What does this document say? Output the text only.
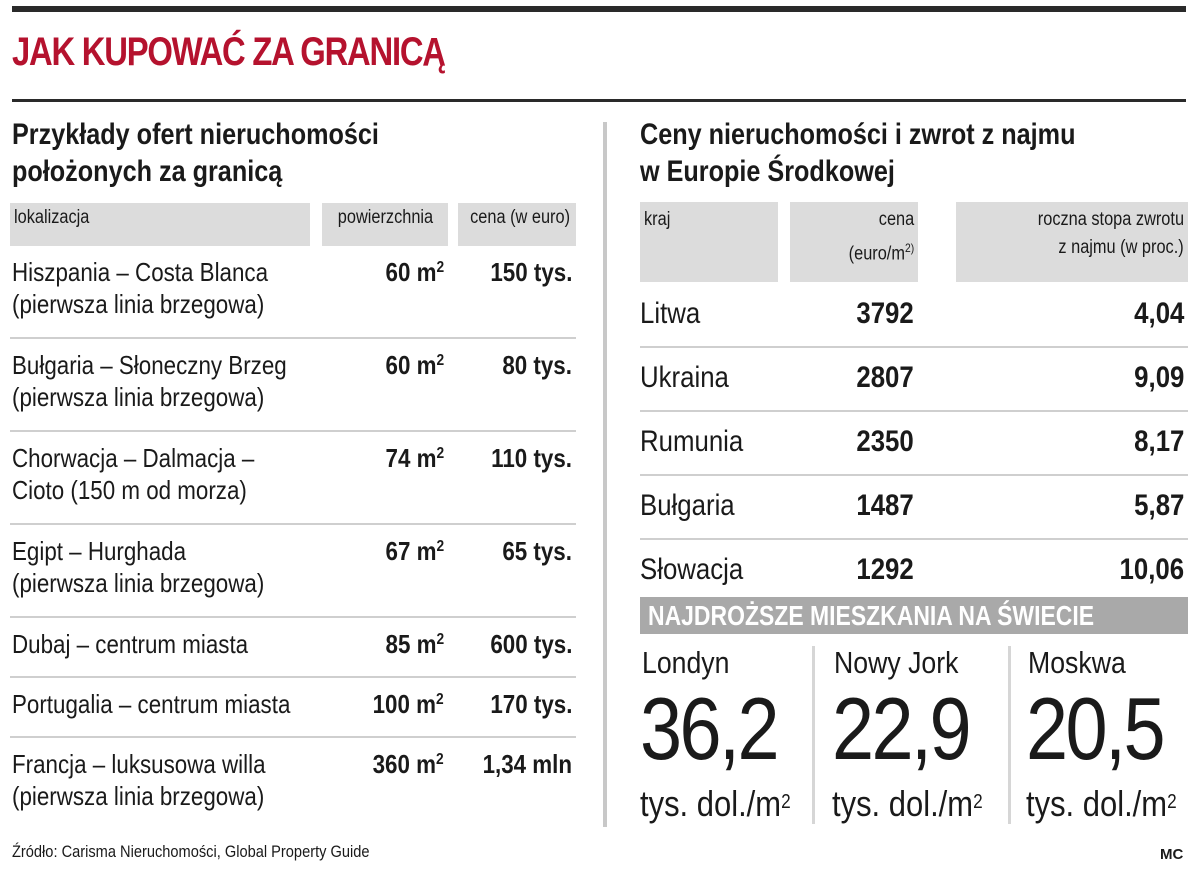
JAK KUPOWAĆ ZA GRANICĄ
Przykłady ofert nieruchomości
położonych za granicą
lokalizacja	powierzchnia	cena (w euro)
Hiszpania – Costa Blanca
(pierwsza linia brzegowa)
60 $m^2$	150 tys.
Bułgaria – Słoneczny Brzeg
(pierwsza linia brzegowa)
60 $m^2$	80 tys.
Chorwacja – Dalmacja –
Cioto (150 m od morza)
74 $m^2$	110 tys.
Egipt – Hurghada
(pierwsza linia brzegowa)
67 $m^2$	65 tys.
Dubaj – centrum miasta	85 $m^2$	600 tys.
Portugalia – centrum miasta	100 $m^2$	170 tys.
Francja – luksusowa willa
(pierwsza linia brzegowa)
360 $m^2$	1,34 mln
Ceny nieruchomości i zwrot z najmu
w Europie Środkowej
kraj	cena
($euro/m^{2)}$
roczna stopa zwrotu
z najmu (w proc.)
Litwa	3792	4,04
Ukraina	2807	9,09
Rumunia	2350	8,17
Bułgaria	1487	5,87
Słowacja	1292	10,06
NAJDROŻSZE MIESZKANIA NA ŚWIECIE
Londyn
36,2
tys. $dol./m^2$
Nowy Jork
22,9
tys. $dol./m^2$
Moskwa
20,5
tys. $dol./m^2$
Źródło: Carisma Nieruchomości, Global Property Guide	MC
